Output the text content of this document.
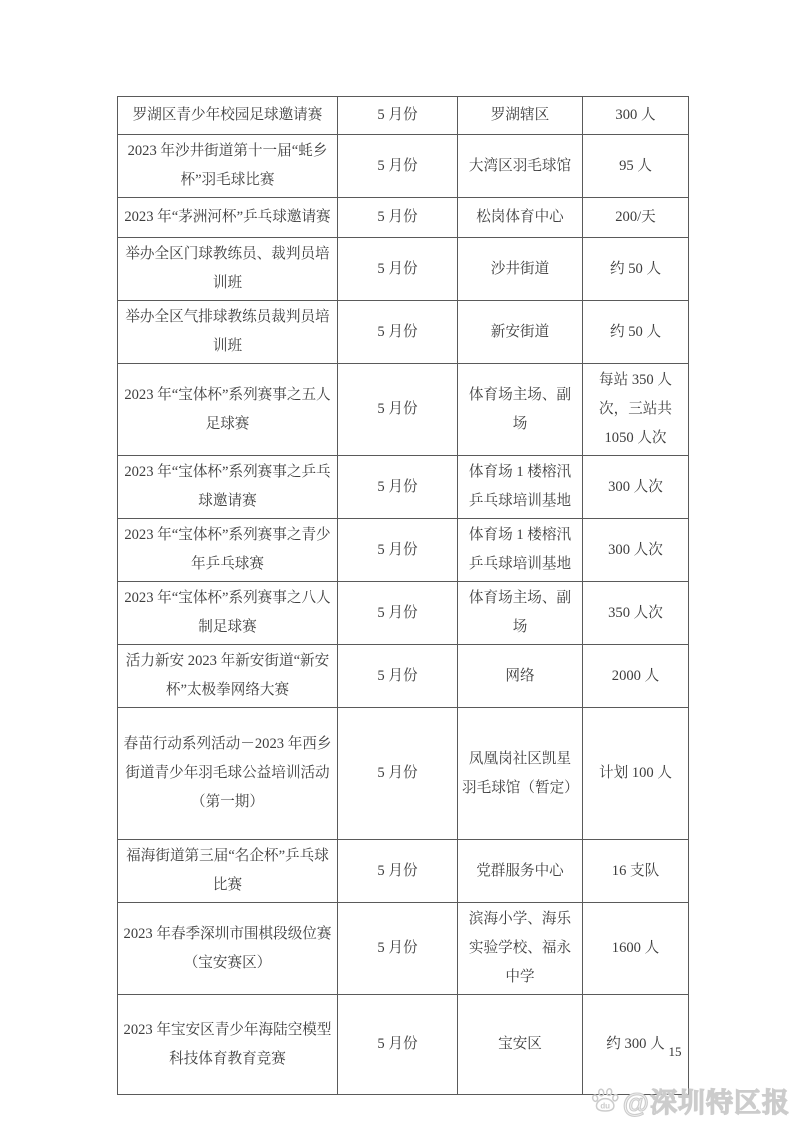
罗湖区青少年校园足球邀请赛	5 月份	罗湖辖区	300 人
2023 年沙井街道第十一届“蚝乡杯”羽毛球比赛	5 月份	大湾区羽毛球馆	95 人
2023 年“茅洲河杯”乒乓球邀请赛	5 月份	松岗体育中心	200/天
举办全区门球教练员、裁判员培训班	5 月份	沙井街道	约 50 人
举办全区气排球教练员裁判员培训班	5 月份	新安街道	约 50 人
2023 年“宝体杯”系列赛事之五人足球赛	5 月份	体育场主场、副场	每站 350 人次，三站共 1050 人次
2023 年“宝体杯”系列赛事之乒乓球邀请赛	5 月份	体育场 1 楼榕汛乒乓球培训基地	300 人次
2023 年“宝体杯”系列赛事之青少年乒乓球赛	5 月份	体育场 1 楼榕汛乒乓球培训基地	300 人次
2023 年“宝体杯”系列赛事之八人制足球赛	5 月份	体育场主场、副场	350 人次
活力新安 2023 年新安街道“新安杯”太极拳网络大赛	5 月份	网络	2000 人
春苗行动系列活动－2023 年西乡街道青少年羽毛球公益培训活动（第一期）	5 月份	凤凰岗社区凯星羽毛球馆（暂定）	计划 100 人
福海街道第三届“名企杯”乒乓球比赛	5 月份	党群服务中心	16 支队
2023 年春季深圳市围棋段级位赛（宝安赛区）	5 月份	滨海小学、海乐实验学校、福永中学	1600 人
2023 年宝安区青少年海陆空模型科技体育教育竞赛	5 月份	宝安区	约 300 人 15
du @深圳特区报
